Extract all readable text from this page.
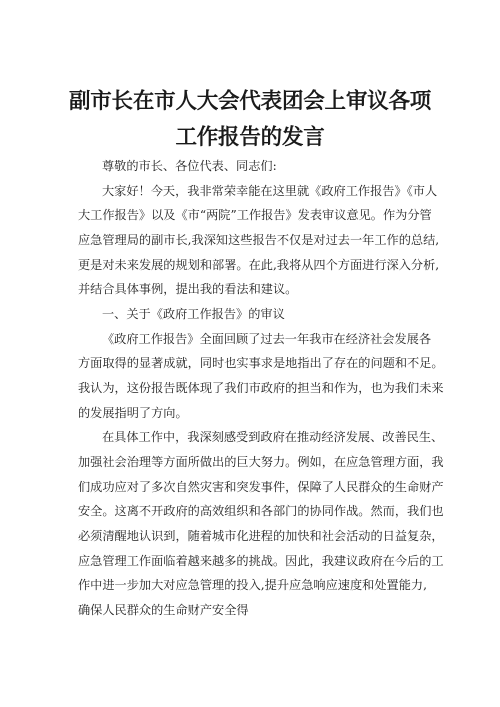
副市长在市人大会代表团会上审议各项
工作报告的发言
尊敬的市长、各位代表、同志们:
大家好！今天，我非常荣幸能在这里就《政府工作报告》《市人
大工作报告》以及《市“两院”工作报告》发表审议意见。作为分管
应急管理局的副市长,我深知这些报告不仅是对过去一年工作的总结,
更是对未来发展的规划和部署。在此,我将从四个方面进行深入分析,
并结合具体事例，提出我的看法和建议。
一、关于《政府工作报告》的审议
《政府工作报告》全面回顾了过去一年我市在经济社会发展各
方面取得的显著成就，同时也实事求是地指出了存在的问题和不足。
我认为，这份报告既体现了我们市政府的担当和作为，也为我们未来
的发展指明了方向。
在具体工作中，我深刻感受到政府在推动经济发展、改善民生、
加强社会治理等方面所做出的巨大努力。例如，在应急管理方面，我
们成功应对了多次自然灾害和突发事件，保障了人民群众的生命财产
安全。这离不开政府的高效组织和各部门的协同作战。然而，我们也
必须清醒地认识到，随着城市化进程的加快和社会活动的日益复杂，
应急管理工作面临着越来越多的挑战。因此，我建议政府在今后的工
作中进一步加大对应急管理的投入,提升应急响应速度和处置能力,
确保人民群众的生命财产安全得
